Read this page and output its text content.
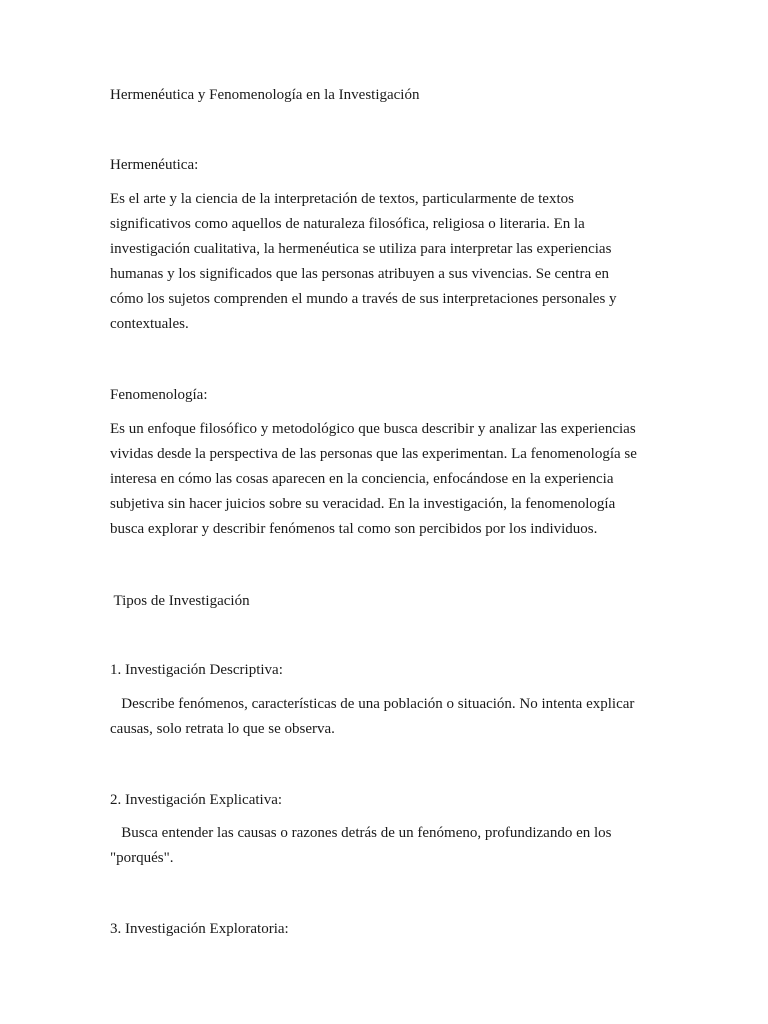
Hermenéutica y Fenomenología en la Investigación
Hermenéutica:
Es el arte y la ciencia de la interpretación de textos, particularmente de textos
significativos como aquellos de naturaleza filosófica, religiosa o literaria. En la
investigación cualitativa, la hermenéutica se utiliza para interpretar las experiencias
humanas y los significados que las personas atribuyen a sus vivencias. Se centra en
cómo los sujetos comprenden el mundo a través de sus interpretaciones personales y
contextuales.
Fenomenología:
Es un enfoque filosófico y metodológico que busca describir y analizar las experiencias
vividas desde la perspectiva de las personas que las experimentan. La fenomenología se
interesa en cómo las cosas aparecen en la conciencia, enfocándose en la experiencia
subjetiva sin hacer juicios sobre su veracidad. En la investigación, la fenomenología
busca explorar y describir fenómenos tal como son percibidos por los individuos.
Tipos de Investigación
1. Investigación Descriptiva:
Describe fenómenos, características de una población o situación. No intenta explicar
causas, solo retrata lo que se observa.
2. Investigación Explicativa:
Busca entender las causas o razones detrás de un fenómeno, profundizando en los
"porqués".
3. Investigación Exploratoria:
